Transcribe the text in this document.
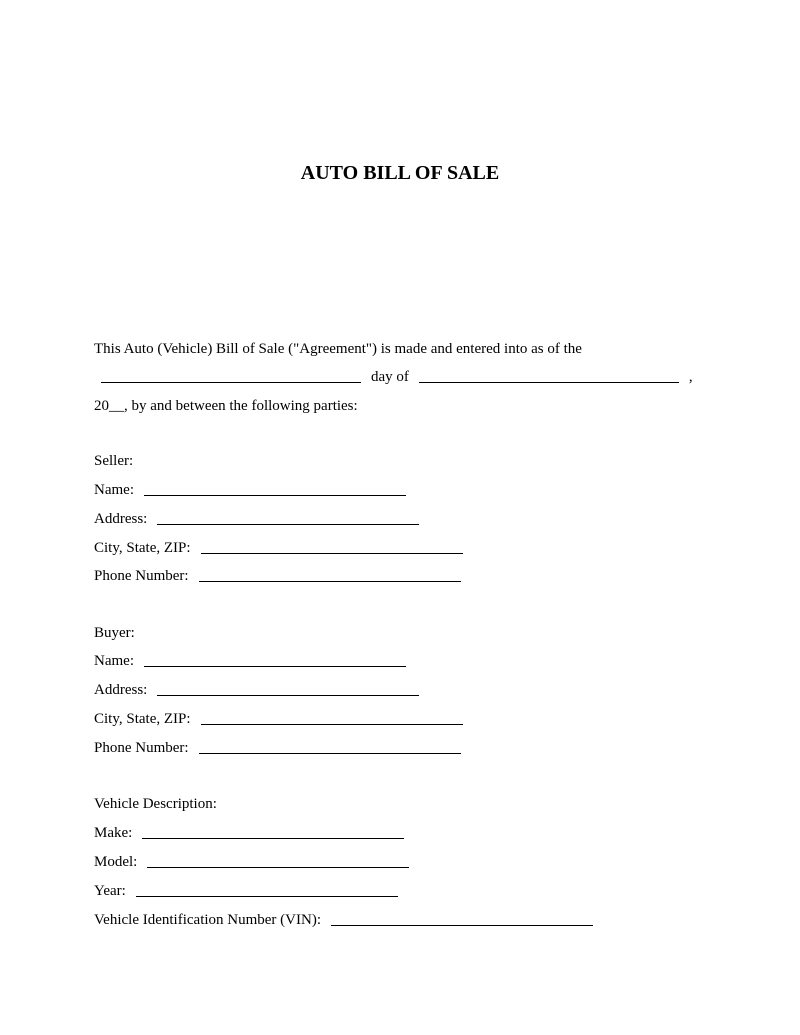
AUTO BILL OF SALE
This Auto (Vehicle) Bill of Sale ("Agreement") is made and entered into as of the
day of	,
20__, by and between the following parties:
Seller:
Name:
Address:
City, State, ZIP:
Phone Number:
Buyer:
Name:
Address:
City, State, ZIP:
Phone Number:
Vehicle Description:
Make:
Model:
Year:
Vehicle Identification Number (VIN):
